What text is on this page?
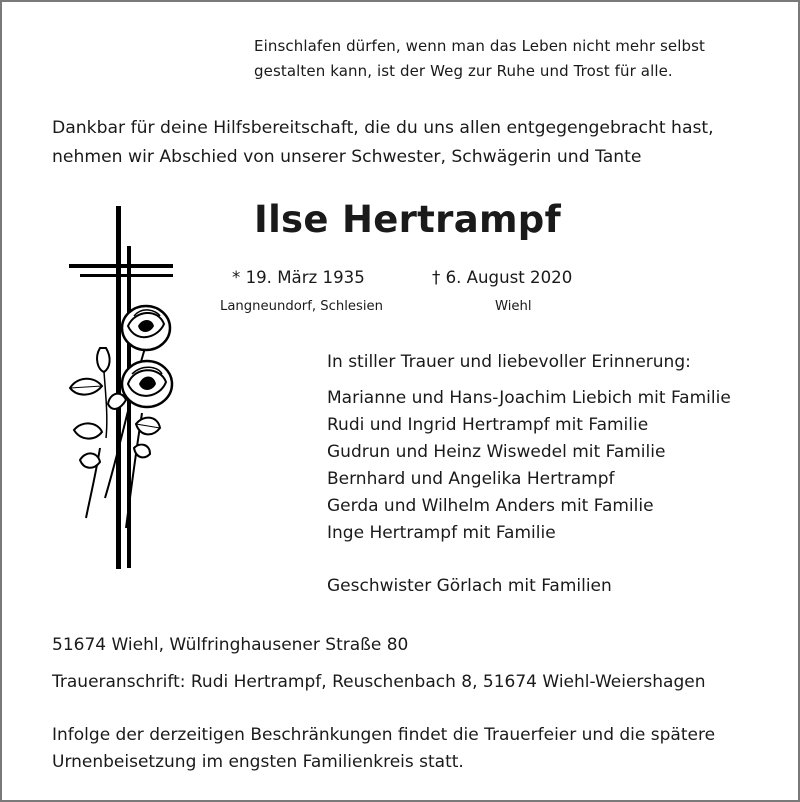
Einschlafen dürfen, wenn man das Leben nicht mehr selbst
gestalten kann, ist der Weg zur Ruhe und Trost für alle.
Dankbar für deine Hilfsbereitschaft, die du uns allen entgegengebracht hast,
nehmen wir Abschied von unserer Schwester, Schwägerin und Tante
Ilse Hertrampf
* 19. März 1935	† 6. August 2020
Langneundorf, Schlesien	Wiehl
In stiller Trauer und liebevoller Erinnerung:
Marianne und Hans-Joachim Liebich mit Familie
Rudi und Ingrid Hertrampf mit Familie
Gudrun und Heinz Wiswedel mit Familie
Bernhard und Angelika Hertrampf
Gerda und Wilhelm Anders mit Familie
Inge Hertrampf mit Familie
Geschwister Görlach mit Familien
51674 Wiehl, Wülfringhausener Straße 80
Traueranschrift: Rudi Hertrampf, Reuschenbach 8, 51674 Wiehl-Weiershagen
Infolge der derzeitigen Beschränkungen findet die Trauerfeier und die spätere
Urnenbeisetzung im engsten Familienkreis statt.
